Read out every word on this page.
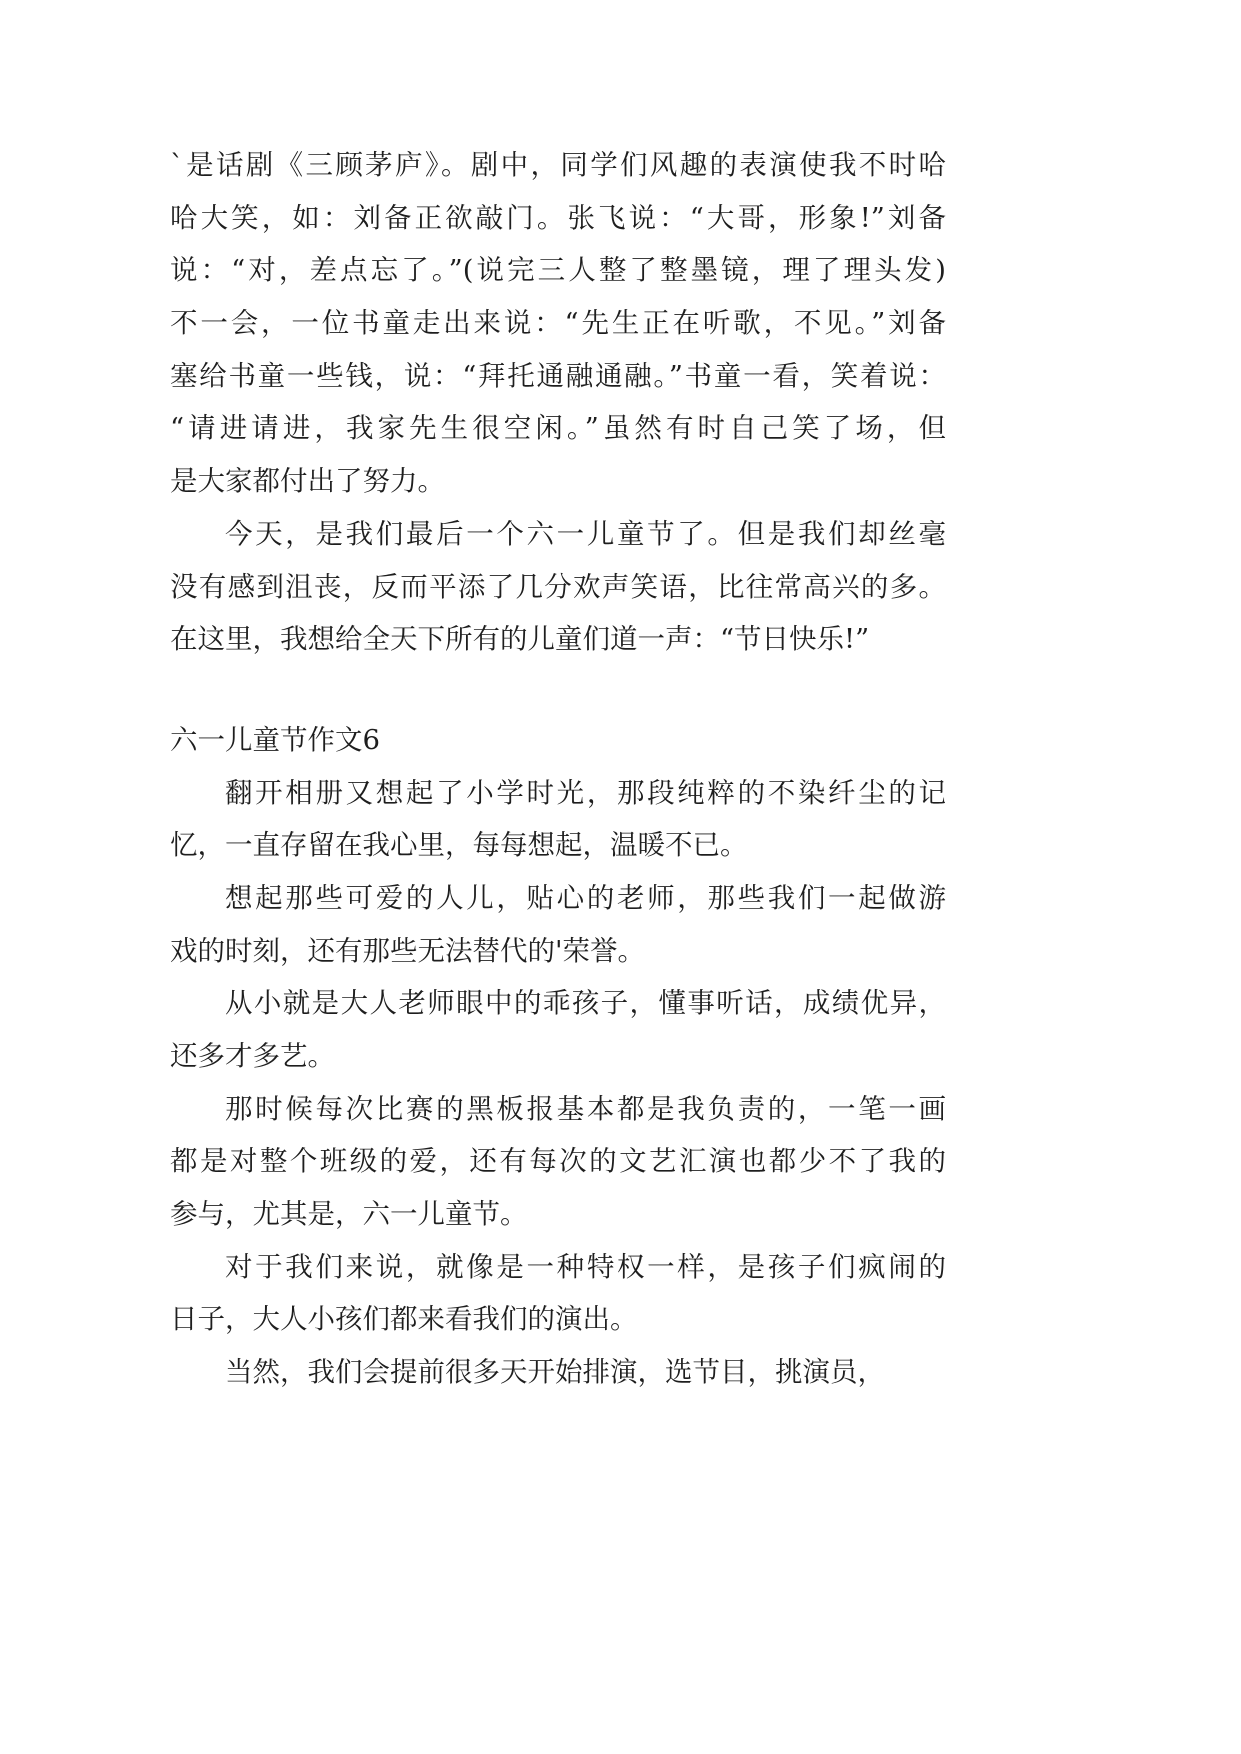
`是话剧《三顾茅庐》。剧中，同学们风趣的表演使我不时哈
哈大笑，如：刘备正欲敲门。张飞说：“大哥，形象!”刘备
说：“对，差点忘了。”(说完三人整了整墨镜，理了理头发)
不一会，一位书童走出来说：“先生正在听歌，不见。”刘备
塞给书童一些钱，说：“拜托通融通融。”书童一看，笑着说：
“请进请进，我家先生很空闲。”虽然有时自己笑了场，但
是大家都付出了努力。
今天，是我们最后一个六一儿童节了。但是我们却丝毫
没有感到沮丧，反而平添了几分欢声笑语，比往常高兴的多。
在这里，我想给全天下所有的儿童们道一声：“节日快乐!”
六一儿童节作文6
翻开相册又想起了小学时光，那段纯粹的不染纤尘的记
忆，一直存留在我心里，每每想起，温暖不已。
想起那些可爱的人儿，贴心的老师，那些我们一起做游
戏的时刻，还有那些无法替代的'荣誉。
从小就是大人老师眼中的乖孩子，懂事听话，成绩优异，
还多才多艺。
那时候每次比赛的黑板报基本都是我负责的，一笔一画
都是对整个班级的爱，还有每次的文艺汇演也都少不了我的
参与，尤其是，六一儿童节。
对于我们来说，就像是一种特权一样，是孩子们疯闹的
日子，大人小孩们都来看我们的演出。
当然，我们会提前很多天开始排演，选节目，挑演员，
